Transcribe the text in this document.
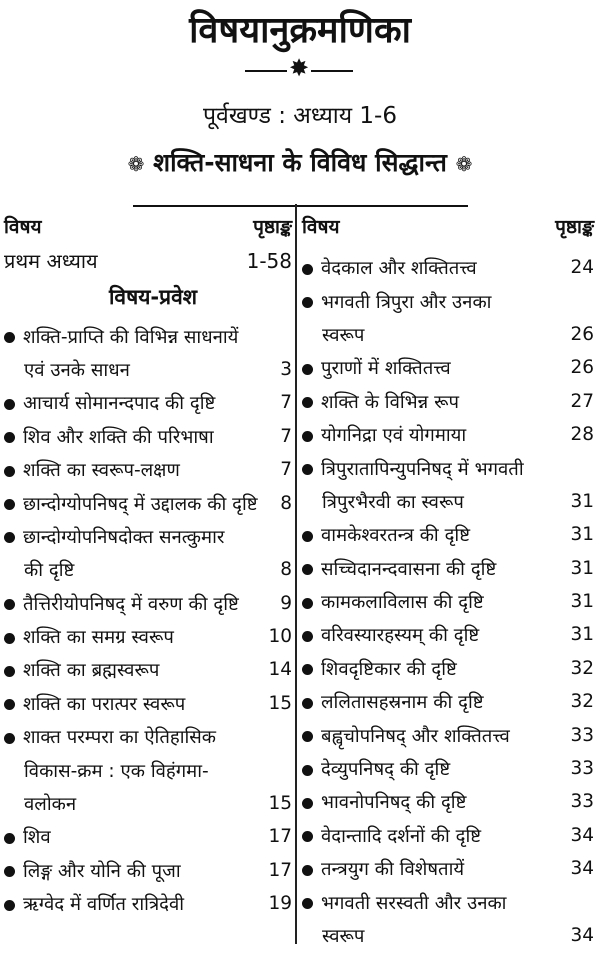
विषयानुक्रमणिका
✸
पूर्वखण्ड : अध्याय 1-6
❁ शक्ति-साधना के विविध सिद्धान्त ❁
विषय	पृष्ठाङ्क
प्रथम अध्याय	1-58
विषय-प्रवेश
शक्ति-प्राप्ति की विभिन्न साधनायें
एवं उनके साधन	3
आचार्य सोमानन्दपाद की दृष्टि	7
शिव और शक्ति की परिभाषा	7
शक्ति का स्वरूप-लक्षण	7
छान्दोग्योपनिषद् में उद्दालक की दृष्टि	8
छान्दोग्योपनिषदोक्त सनत्कुमार
की दृष्टि	8
तैत्तिरीयोपनिषद् में वरुण की दृष्टि	9
शक्ति का समग्र स्वरूप	10
शक्ति का ब्रह्मस्वरूप	14
शक्ति का परात्पर स्वरूप	15
शाक्त परम्परा का ऐतिहासिक
विकास-क्रम : एक विहंगमा-
वलोकन	15
शिव	17
लिङ्ग और योनि की पूजा	17
ऋग्वेद में वर्णित रात्रिदेवी	19
विषय	पृष्ठाङ्क
वेदकाल और शक्तितत्त्व	24
भगवती त्रिपुरा और उनका
स्वरूप	26
पुराणों में शक्तितत्त्व	26
शक्ति के विभिन्न रूप	27
योगनिद्रा एवं योगमाया	28
त्रिपुरातापिन्युपनिषद् में भगवती
त्रिपुरभैरवी का स्वरूप	31
वामकेश्वरतन्त्र की दृष्टि	31
सच्चिदानन्दवासना की दृष्टि	31
कामकलाविलास की दृष्टि	31
वरिवस्यारहस्यम् की दृष्टि	31
शिवदृष्टिकार की दृष्टि	32
ललितासहस्रनाम की दृष्टि	32
बह्वृचोपनिषद् और शक्तितत्त्व	33
देव्युपनिषद् की दृष्टि	33
भावनोपनिषद् की दृष्टि	33
वेदान्तादि दर्शनों की दृष्टि	34
तन्त्रयुग की विशेषतायें	34
भगवती सरस्वती और उनका
स्वरूप	34
